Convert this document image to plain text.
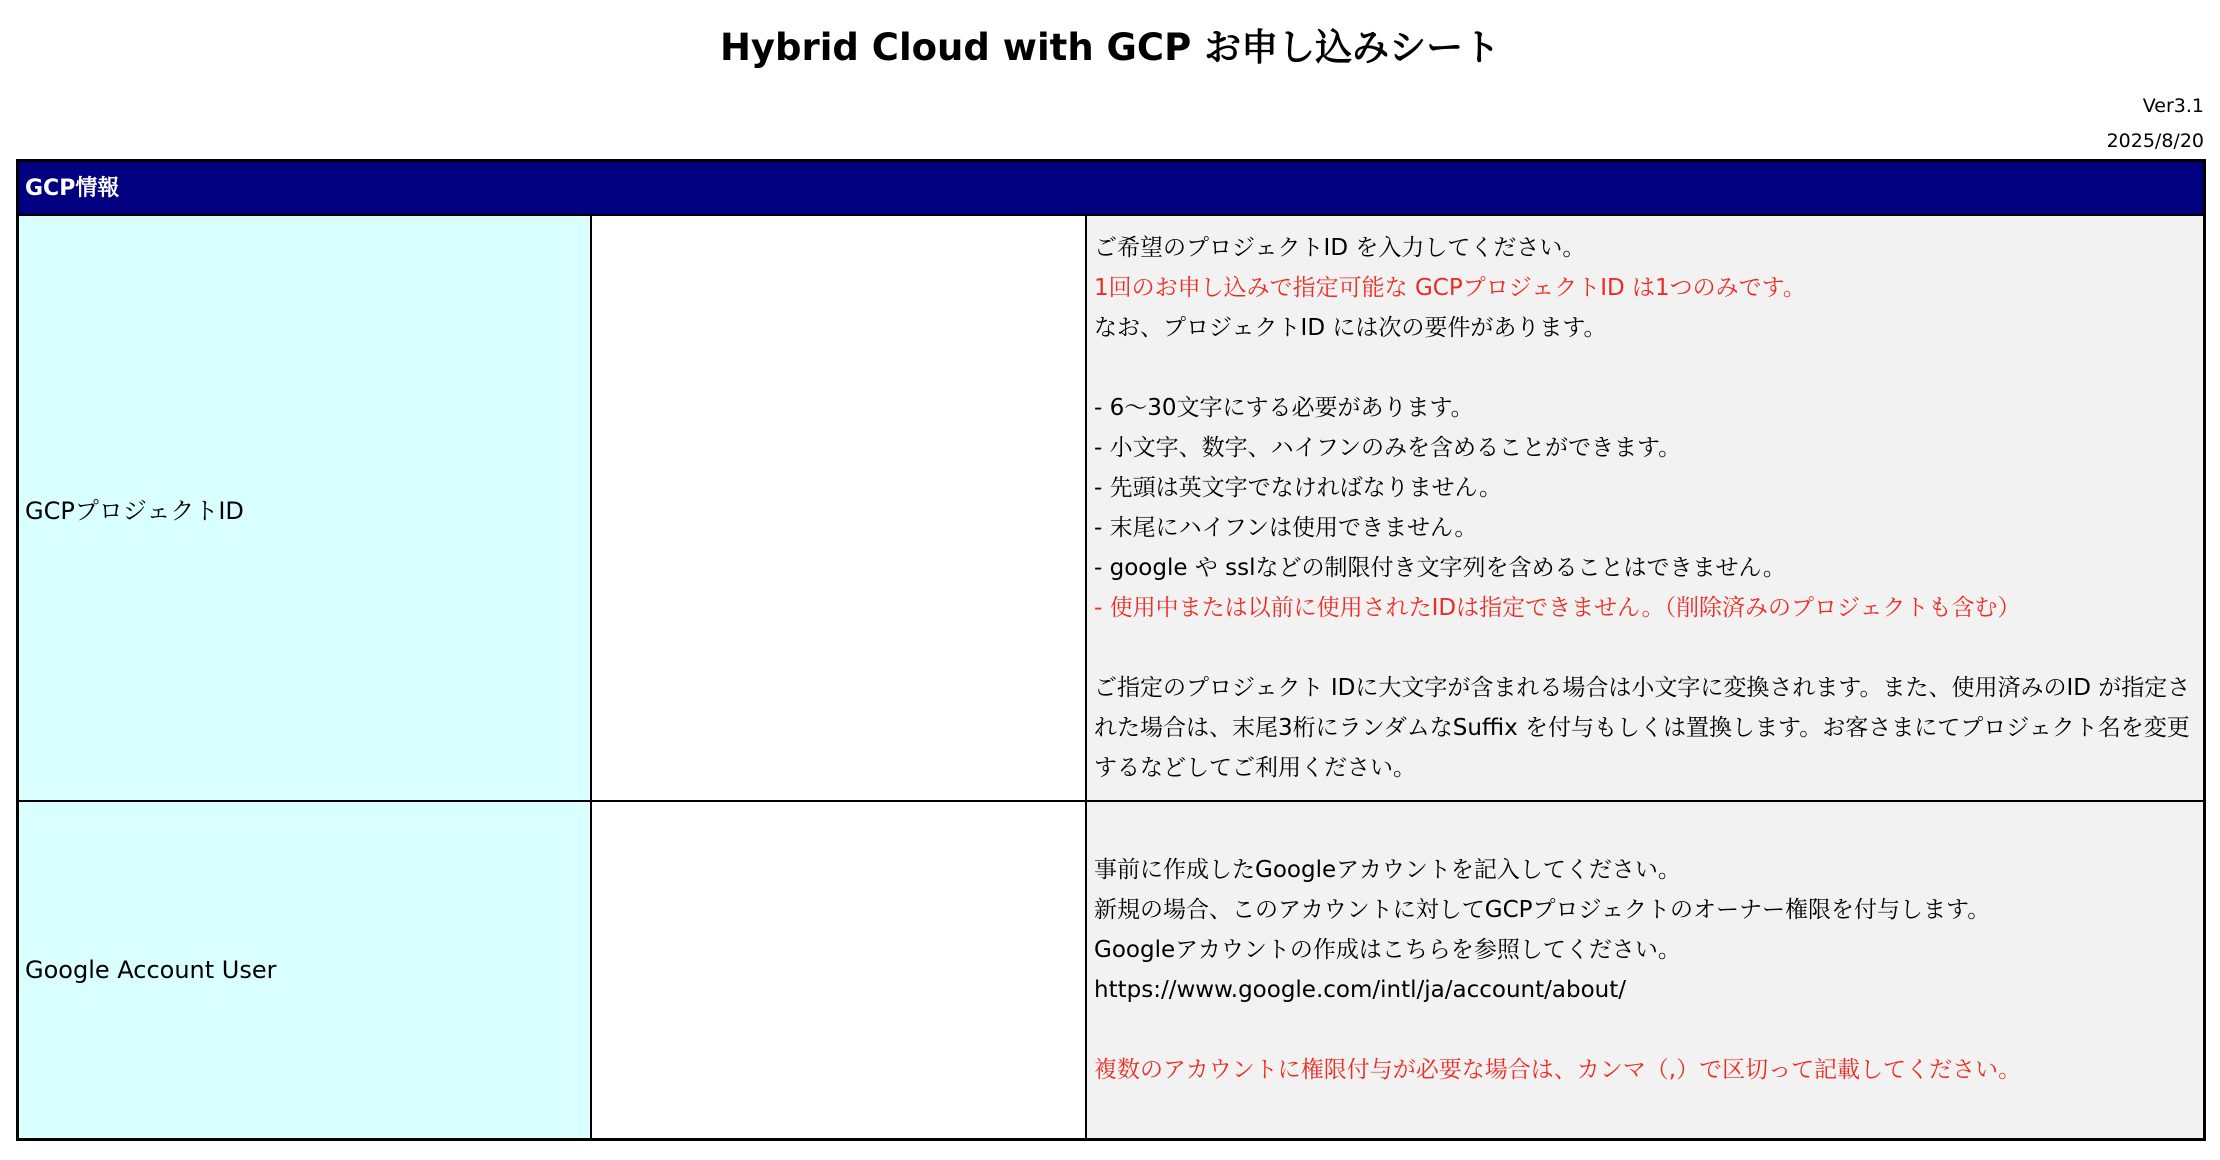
Hybrid Cloud with GCP お申し込みシート
Ver3.1
2025/8/20
GCP情報
GCPプロジェクトID
ご希望のプロジェクトID を入力してください。
1回のお申し込みで指定可能な GCPプロジェクトID は1つのみです。
なお、プロジェクトID には次の要件があります。
- 6～30文字にする必要があります。
- 小文字、数字、ハイフンのみを含めることができます。
- 先頭は英文字でなければなりません。
- 末尾にハイフンは使用できません。
- google や sslなどの制限付き文字列を含めることはできません。
- 使用中または以前に使用されたIDは指定できません。（削除済みのプロジェクトも含む）
ご指定のプロジェクト IDに大文字が含まれる場合は小文字に変換されます。また、使用済みのID が指定された場合は、末尾3桁にランダムなSuffix を付与もしくは置換します。お客さまにてプロジェクト名を変更するなどしてご利用ください。
Google Account User
事前に作成したGoogleアカウントを記入してください。
新規の場合、このアカウントに対してGCPプロジェクトのオーナー権限を付与します。
Googleアカウントの作成はこちらを参照してください。
https://www.google.com/intl/ja/account/about/
複数のアカウントに権限付与が必要な場合は、カンマ（,）で区切って記載してください。
